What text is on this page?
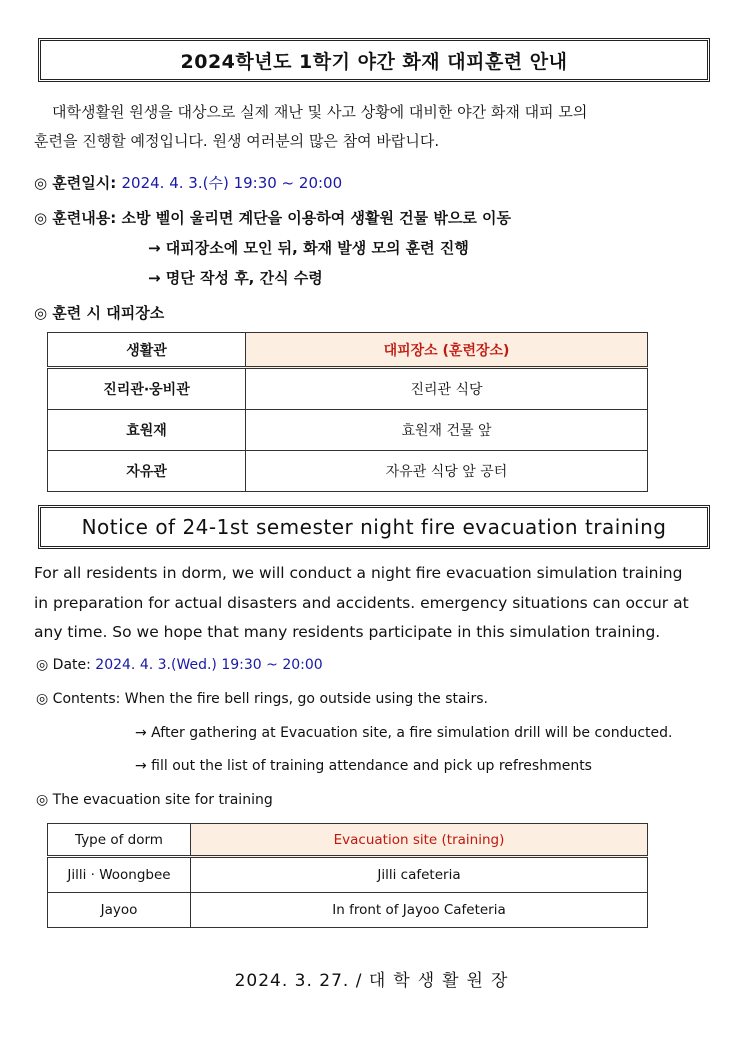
2024학년도 1학기 야간 화재 대피훈련 안내
대학생활원 원생을 대상으로 실제 재난 및 사고 상황에 대비한 야간 화재 대피 모의
훈련을 진행할 예정입니다. 원생 여러분의 많은 참여 바랍니다.
◎ 훈련일시: 2024. 4. 3.(수) 19:30 ~ 20:00
◎ 훈련내용: 소방 벨이 울리면 계단을 이용하여 생활원 건물 밖으로 이동
→ 대피장소에 모인 뒤, 화재 발생 모의 훈련 진행
→ 명단 작성 후, 간식 수령
◎ 훈련 시 대피장소
생활관	대피장소 (훈련장소)
진리관·웅비관	진리관 식당
효원재	효원재 건물 앞
자유관	자유관 식당 앞 공터
Notice of 24-1st semester night fire evacuation training
For all residents in dorm, we will conduct a night fire evacuation simulation training
in preparation for actual disasters and accidents. emergency situations can occur at
any time. So we hope that many residents participate in this simulation training.
◎ Date: 2024. 4. 3.(Wed.) 19:30 ~ 20:00
◎ Contents: When the fire bell rings, go outside using the stairs.
→ After gathering at Evacuation site, a fire simulation drill will be conducted.
→ fill out the list of training attendance and pick up refreshments
◎ The evacuation site for training
Type of dorm	Evacuation site (training)
Jilli · Woongbee	Jilli cafeteria
Jayoo	In front of Jayoo Cafeteria
2024. 3. 27. / 대학생활원장
